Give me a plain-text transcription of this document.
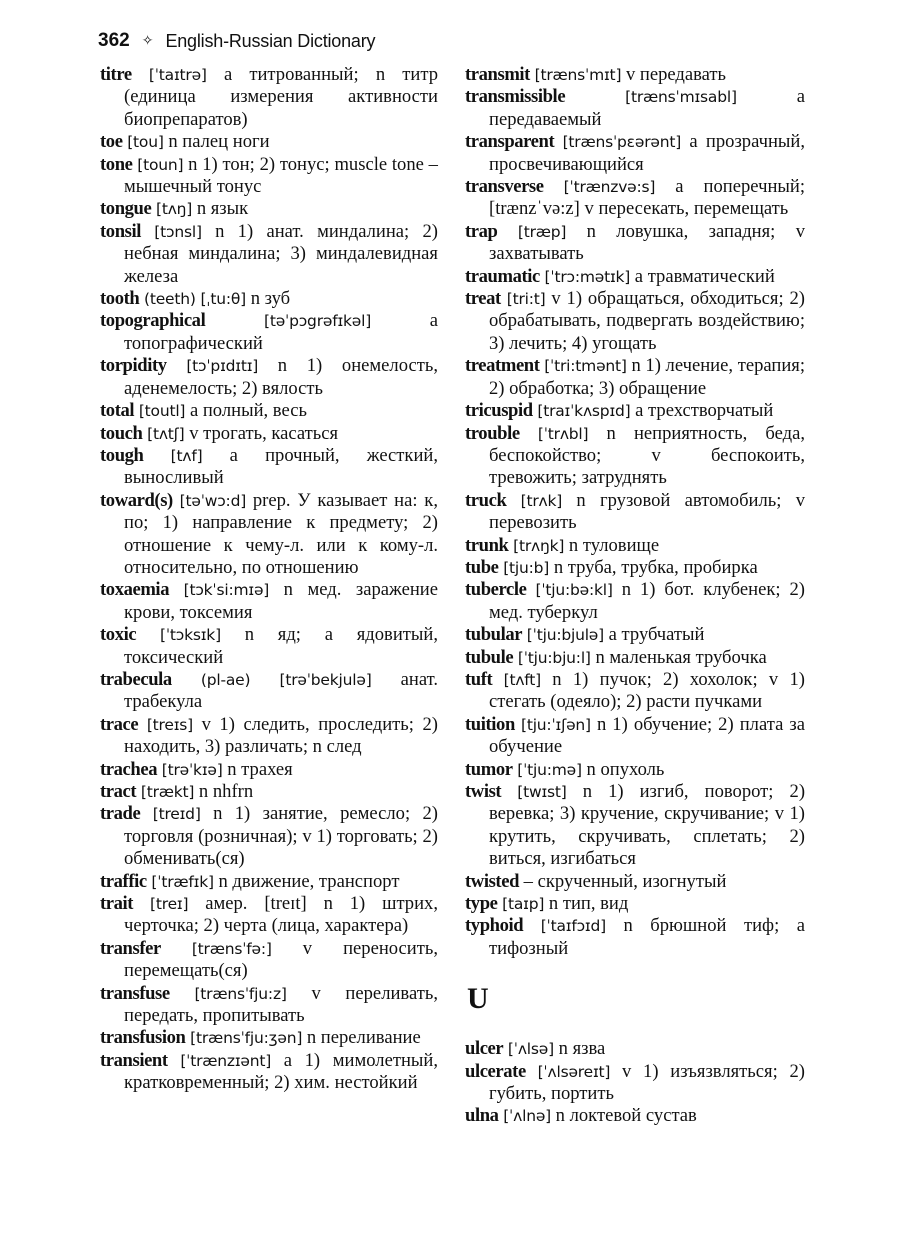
362 ✧ English-Russian Dictionary

titre [ˈtaɪtrə] a титрованный; n титр (единица измерения активности биопрепаратов)

toe [tou] n палец ноги

tone [toun] n 1) тон; 2) тонус; muscle tone – мышечный тонус

tongue [tʌŋ] n язык

tonsil [tɔnsl] n 1) анат. миндалина; 2) небная миндалина; 3) миндалевидная железа

tooth (teeth) [ˌtu:θ] n зуб

topographical	[təˈpɔgrəfɪkəl]	a топографический

torpidity [tɔˈpɪdɪtɪ] n 1) онемелость, аденемелость; 2) вялость

total [toutl] a полный, весь

touch [tʌtʃ] v трогать, касаться

tough [tʌf] a прочный, жесткий, выносливый

toward(s) [təˈwɔ:d] prep. У казывает на: к, по; 1) направление к предмету; 2) отношение к чему-л. или к кому-л. относительно, по отношению

toxaemia [tɔkˈsi:mɪə] n мед. заражение крови, токсемия

toxic [ˈtɔksɪk] n яд; a ядовитый, токсический

trabecula (pl-ae) [trəˈbekjulə] анат. трабекула

trace [treɪs] v 1) следить, проследить; 2) находить, 3) различать; n след

trachea [trəˈkɪə] n трахея

tract [trækt] n nhfrn

trade [treɪd] n 1) занятие, ремесло; 2) торговля (розничная); v 1) торговать; 2) обменивать(ся)

traffic [ˈtræfɪk] n движение, транспорт

trait [treɪ] амер. [treɪt] n 1) штрих, черточка; 2) черта (лица, характера)

transfer [trænsˈfə:] v переносить, перемещать(ся)

transfuse [trænsˈfju:z] v переливать, передать, пропитывать

transfusion [trænsˈfju:ʒən] n переливание

transient [ˈtrænzɪənt] a 1) мимолетный, кратковременный; 2) хим. нестойкий

transmit [trænsˈmɪt] v передавать

transmissible	[trænsˈmɪsabl]	a передаваемый

transparent [trænsˈpεərənt] a прозрачный, просвечивающийся

transverse [ˈtrænzvə:s] a поперечный; [trænzˈvə:z] v пересекать, перемещать

trap [træp] n ловушка, западня; v захватывать

traumatic [ˈtrɔ:mətɪk] a травматический

treat [tri:t] v 1) обращаться, обходиться; 2) обрабатывать, подвергать воздействию; 3) лечить; 4) угощать

treatment [ˈtri:tmənt] n 1) лечение, терапия; 2) обработка; 3) обращение

tricuspid [traɪˈkʌspɪd] a трехстворчатый

trouble [ˈtrʌbl] n неприятность, беда, беспокойство; v беспокоить, тревожить; затруднять

truck [trʌk] n грузовой автомобиль; v перевозить

trunk [trʌŋk] n туловище

tube [tju:b] n труба, трубка, пробирка

tubercle [ˈtju:bə:kl] n 1) бот. клубенек; 2) мед. туберкул

tubular [ˈtju:bjulə] a трубчатый

tubule [ˈtju:bju:l] n маленькая трубочка

tuft [tʌft] n 1) пучок; 2) хохолок; v 1) стегать (одеяло); 2) расти пучками

tuition [tju:ˈɪʃən] n 1) обучение; 2) плата за обучение

tumor [ˈtju:mə] n опухоль

twist [twɪst] n 1) изгиб, поворот; 2) веревка; 3) кручение, скручивание; v 1) крутить, скручивать, сплетать; 2) виться, изгибаться

twisted – скрученный, изогнутый

type [taɪp] n тип, вид

typhoid [ˈtaɪfɔɪd] n брюшной тиф; a тифозный

U

ulcer [ˈʌlsə] n язва

ulcerate [ˈʌlsəreɪt] v 1) изъязвляться; 2) губить, портить

ulna [ˈʌlnə] n локтевой сустав
